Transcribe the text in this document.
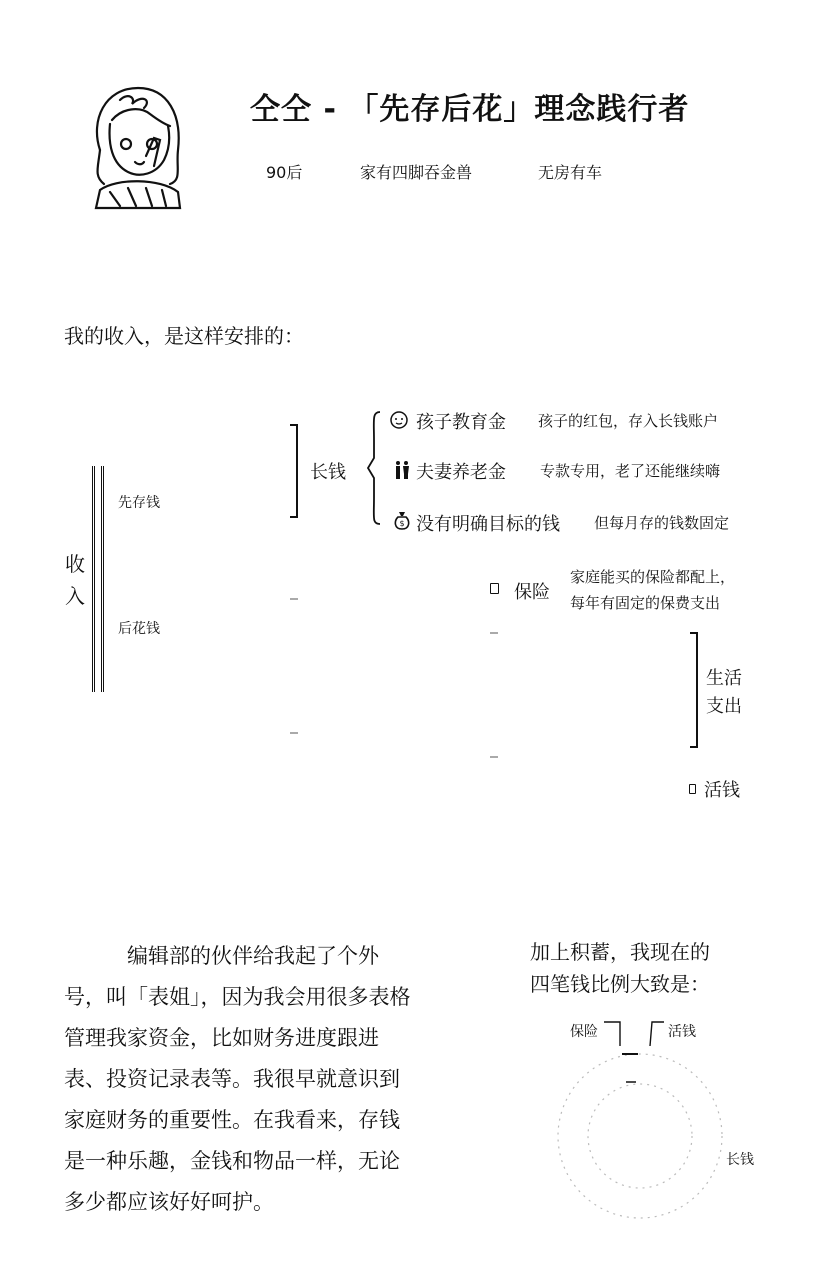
仝仝 - 「先存后花」理念践行者
90后	家有四脚吞金兽	无房有车
我的收入，是这样安排的：
收入
先存钱
后花钱
长钱
孩子教育金 孩子的红包，存入长钱账户
夫妻养老金 专款专用，老了还能继续嗨
$ 没有明确目标的钱 但每月存的钱数固定
保险
家庭能买的保险都配上，
每年有固定的保费支出
生活
支出
活钱
编辑部的伙伴给我起了个外号，叫「表姐」，因为我会用很多表格管理我家资金，比如财务进度跟进表、投资记录表等。我很早就意识到家庭财务的重要性。在我看来，存钱是一种乐趣，金钱和物品一样，无论多少都应该好好呵护。
加上积蓄，我现在的
四笔钱比例大致是：
保险	活钱
长钱
